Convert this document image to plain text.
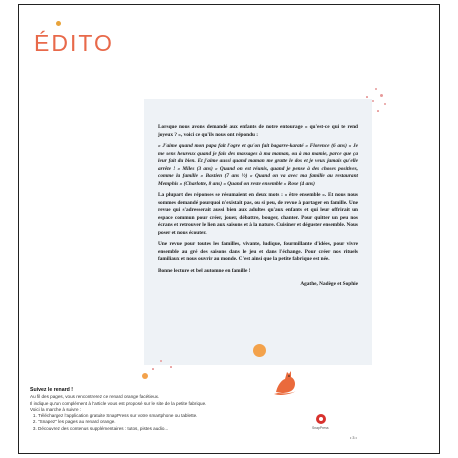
ÉDITO

Lorsque nous avons demandé aux enfants de notre entourage « qu'est-ce qui te rend joyeux ? », voici ce qu'ils nous ont répondu :

« J'aime quand mon papa fait l'ogre et qu'on fait bagarre-karaté » Florence (6 ans) « Je me sens heureux quand je fais des massages à ma maman, ou à ma mamie, parce que ça leur fait du bien. Et j'aime aussi quand maman me gratte le dos et je veux jamais qu'elle arrête ! » Miles (3 ans) « Quand on est réunis, quand je pense à des choses positives, comme la famille » Bastien (7 ans ½) « Quand on va avec ma famille au restaurant Memphis » (Charlotte, 8 ans) « Quand on reste ensemble » Rose (4 ans)

La plupart des réponses se résumaient en deux mots : « être ensemble ». Et nous nous sommes demandé pourquoi n'existait pas, ou si peu, de revue à partager en famille. Une revue qui s'adresserait aussi bien aux adultes qu'aux enfants et qui leur offrirait un espace commun pour créer, jouer, débattre, bouger, chanter. Pour quitter un peu nos écrans et retrouver le lien aux saisons et à la nature. Cuisiner et déguster ensemble. Nous poser et nous écouter.

Une revue pour toutes les familles, vivante, ludique, fourmillante d'idées, pour vivre ensemble au gré des saisons dans le jeu et dans l'échange. Pour créer nos rituels familiaux et nous ouvrir au monde. C'est ainsi que la petite fabrique est née.

Bonne lecture et bel automne en famille !

Agathe, Nadège et Sophie

Suivez le renard !
Au fil des pages, vous rencontrerez ce renard orange facétieux.
Il indique qu'un complément à l'article vous est proposé sur le site de la petite fabrique.
Voici la marche à suivre :
1. Téléchargez l'application gratuite SnapPress sur votre smartphone ou tablette.
2. "Snapez" les pages au renard orange.
3. Découvrez des contenus supplémentaires : tutos, pistes audio...	SnapPress
• 3 •
